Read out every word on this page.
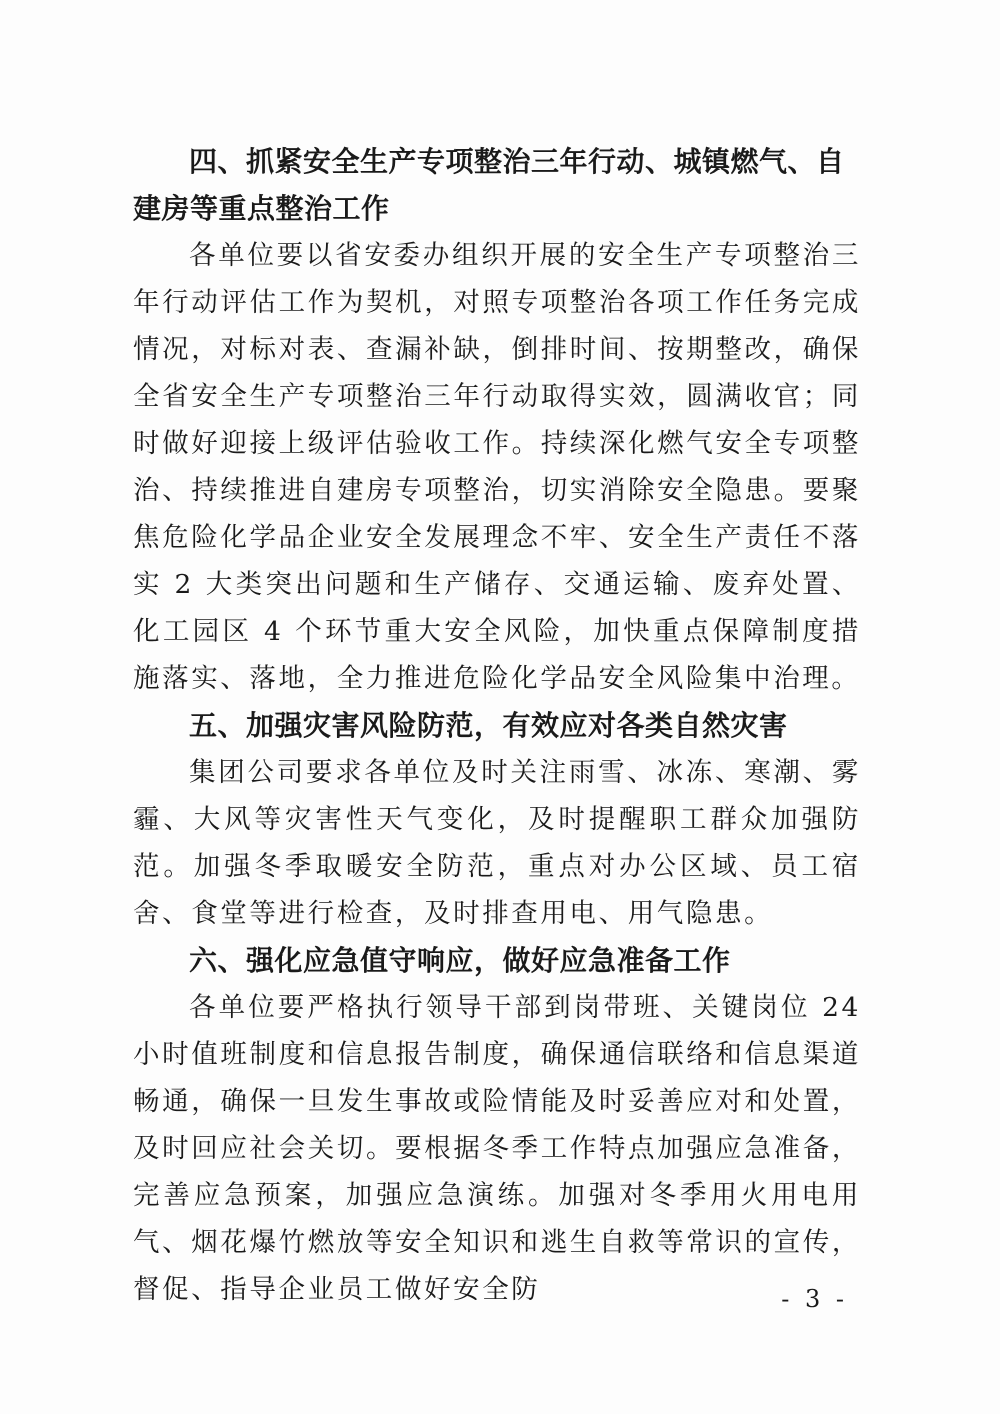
四、抓紧安全生产专项整治三年行动、城镇燃气、自建房等重点整治工作

各单位要以省安委办组织开展的安全生产专项整治三年行动评估工作为契机，对照专项整治各项工作任务完成情况，对标对表、查漏补缺，倒排时间、按期整改，确保全省安全生产专项整治三年行动取得实效，圆满收官；同时做好迎接上级评估验收工作。持续深化燃气安全专项整治、持续推进自建房专项整治，切实消除安全隐患。要聚焦危险化学品企业安全发展理念不牢、安全生产责任不落实 2 大类突出问题和生产储存、交通运输、废弃处置、化工园区 4 个环节重大安全风险，加快重点保障制度措施落实、落地，全力推进危险化学品安全风险集中治理。

五、加强灾害风险防范，有效应对各类自然灾害

集团公司要求各单位及时关注雨雪、冰冻、寒潮、雾霾、大风等灾害性天气变化，及时提醒职工群众加强防范。加强冬季取暖安全防范，重点对办公区域、员工宿舍、食堂等进行检查，及时排查用电、用气隐患。

六、强化应急值守响应，做好应急准备工作

各单位要严格执行领导干部到岗带班、关键岗位 24 小时值班制度和信息报告制度，确保通信联络和信息渠道畅通，确保一旦发生事故或险情能及时妥善应对和处置，及时回应社会关切。要根据冬季工作特点加强应急准备，完善应急预案，加强应急演练。加强对冬季用火用电用气、烟花爆竹燃放等安全知识和逃生自救等常识的宣传，督促、指导企业员工做好安全防	- 3 -
